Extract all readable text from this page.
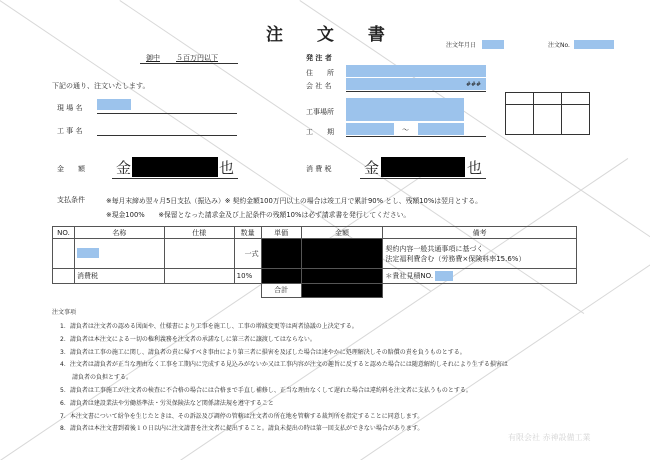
注 文 書
注文年月日	注文No.
御中 ５百万円以下
下記の通り、注文いたします。
現 場 名
工 事 名
発 注 者
住　　所
会 社 名	###
工事場所
工　　期	～

金　　額 金	也	消 費 税 金	也
支払条件	※毎月末締め翌々月5日支払（振込み）※ 契約金額100万円以上の場合は竣工月で累計90% とし、残額10%は翌月とする。
※現金100%　　※保留となった請求金及び上記条件の残額10%は必ず請求書を発行してください。
NO.	名称	仕様	数量	単価	金額	備考
			一式			契約内容一般共通事項に基づく
法定福利費含む（労務費×保険料率15.6%）

	消費税		10%			＊貴社見積NO.
				合計		
注文事項
1．請負者は注文者の認める図面や、仕様書により工事を施工し、工事の増減変更等は両者協議の上決定する。
2．請負者は本注文による一切の権利義務を注文者の承諾なしに第三者に譲渡してはならない。
3．請負者は工事の施工に関し、請負者の責に帰すべき事由により第三者に損害を及ぼした場合は速やかに処理解決しその賠償の責を負うものとする。
4．注文者は請負者が正当な理由なく工事を工期内に完成する見込みがないか又は工事内容が注文の趣旨に反すると認めた場合には随意解約しそれにより生ずる損害は
　　請負者の負担とする。
5．請負者は工事施工が注文者の検査に不合格の場合には合格まで手直し補修し、正当な理由なくして遅れた場合は違約料を注文者に支払うものとする。
6．請負者は建設業法や労働基準法・労災保険法など関係諸法規を遵守すること
7．本注文書について紛争を生じたときは、その訴訟及び調停の管轄は注文者の所在地を管轄する裁判所を指定することに同意します。
8．請負者は本注文書到着後１０日以内に注文請書を注文者に提出すること。請負未提出の時は第一回支払ができない場合があります。
有限会社 赤神設備工業
